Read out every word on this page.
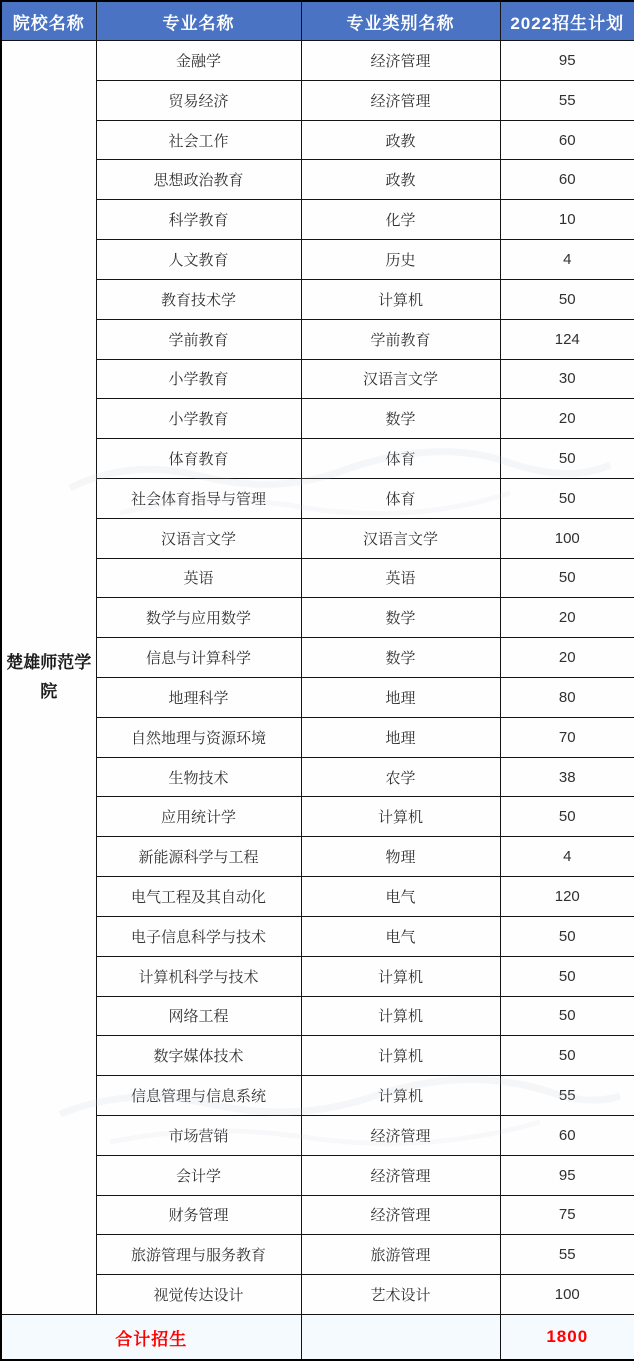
院校名称	专业名称	专业类别名称	2022招生计划
楚雄师范学院	金融学	经济管理	95
	贸易经济	经济管理	55
	社会工作	政教	60
	思想政治教育	政教	60
	科学教育	化学	10
	人文教育	历史	4
	教育技术学	计算机	50
	学前教育	学前教育	124
	小学教育	汉语言文学	30
	小学教育	数学	20
	体育教育	体育	50
	社会体育指导与管理	体育	50
	汉语言文学	汉语言文学	100
	英语	英语	50
	数学与应用数学	数学	20
	信息与计算科学	数学	20
	地理科学	地理	80
	自然地理与资源环境	地理	70
	生物技术	农学	38
	应用统计学	计算机	50
	新能源科学与工程	物理	4
	电气工程及其自动化	电气	120
	电子信息科学与技术	电气	50
	计算机科学与技术	计算机	50
	网络工程	计算机	50
	数字媒体技术	计算机	50
	信息管理与信息系统	计算机	55
	市场营销	经济管理	60
	会计学	经济管理	95
	财务管理	经济管理	75
	旅游管理与服务教育	旅游管理	55
	视觉传达设计	艺术设计	100
合计招生			1800
